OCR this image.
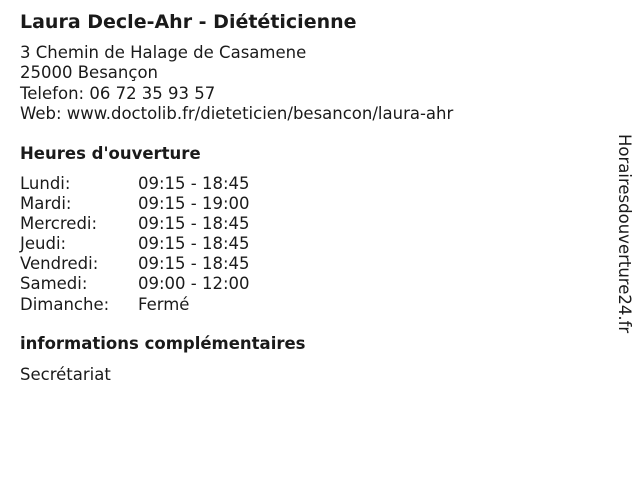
Laura Decle-Ahr - Diététicienne
3 Chemin de Halage de Casamene
25000 Besançon
Telefon: 06 72 35 93 57
Web: www.doctolib.fr/dieteticien/besancon/laura-ahr
Heures d'ouverture
Lundi:	09:15 - 18:45
Mardi:	09:15 - 19:00
Mercredi:	09:15 - 18:45
Jeudi:	09:15 - 18:45
Vendredi:	09:15 - 18:45
Samedi:	09:00 - 12:00
Dimanche:	Fermé
informations complémentaires
Secrétariat
Horairesdouverture24.fr
